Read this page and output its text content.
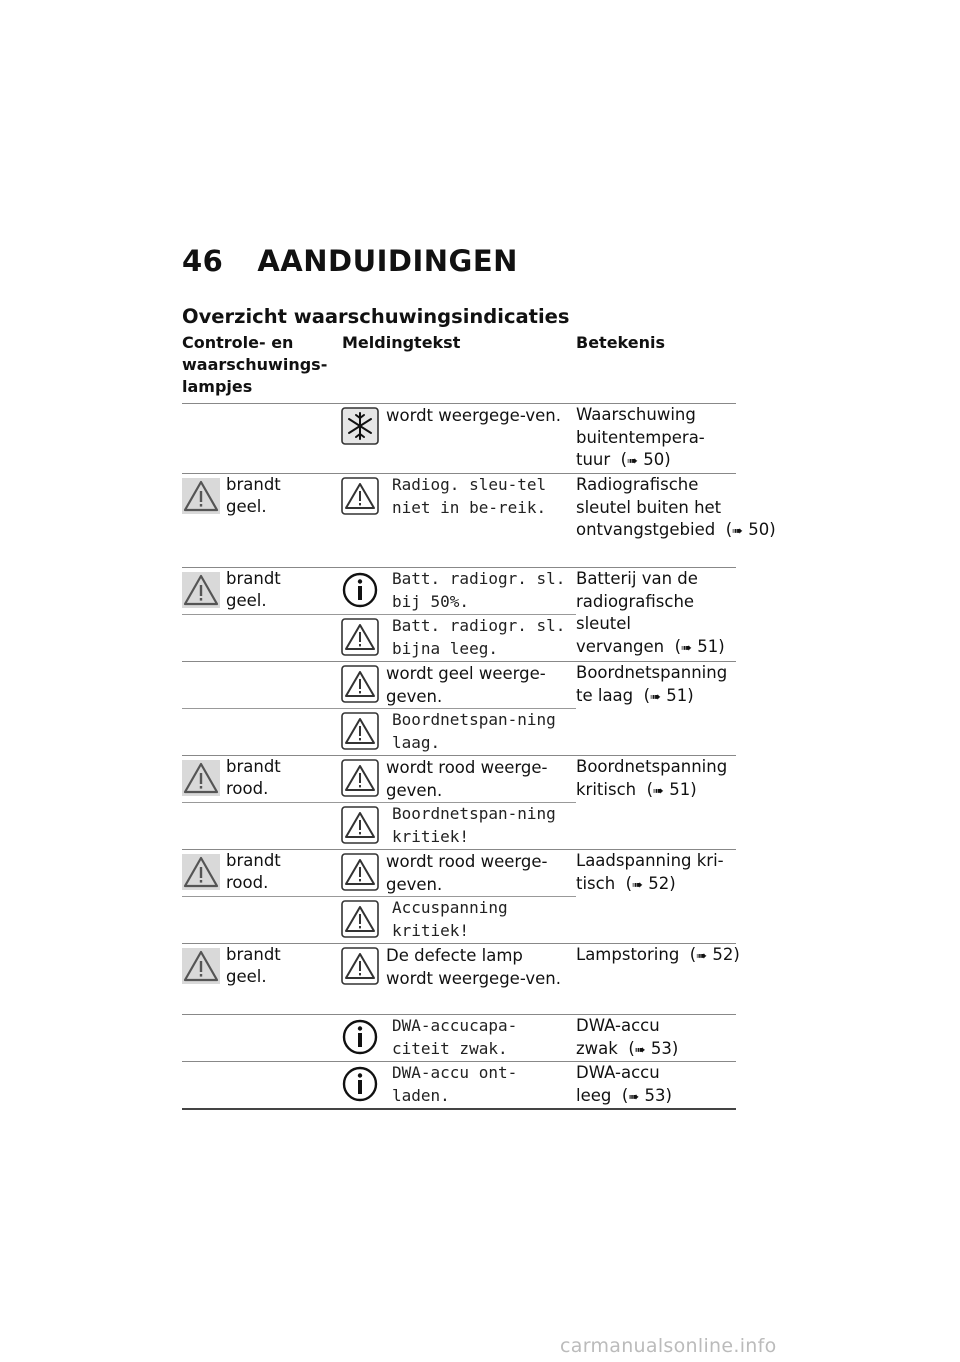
46 AANDUIDINGEN
Overzicht waarschuwingsindicaties
Controle- en waarschuwings-lampjes
Meldingtekst	Betekenis
wordt weergege-ven. Waarschuwing buitentempera-tuur  (➠ 50)
brandt geel.
Radiog. sleu-tel niet in be-reik.
Radiografische sleutel buiten het ontvangstgebied  (➠ 50)
brandt geel.
Batt. radiogr. sl. bij 50%.
Batterij van de radiografische sleutel vervangen  (➠ 51)
Batt. radiogr. sl. bijna leeg.
wordt geel weerge-geven.
Boordnetspanning te laag  (➠ 51)
Boordnetspan-ning laag.
brandt rood.
wordt rood weerge-geven.
Boordnetspanning kritisch  (➠ 51)
Boordnetspan-ning kritiek!
brandt rood.
wordt rood weerge-geven.
Laadspanning kri-tisch  (➠ 52)
Accuspanning kritiek!
brandt geel.
De defecte lamp wordt weergege-ven.
Lampstoring  (➠ 52)
DWA-accucapa-citeit zwak.
DWA-accu zwak  (➠ 53)
DWA-accu ont-laden.
DWA-accu leeg  (➠ 53)
carmanualsonline.info
